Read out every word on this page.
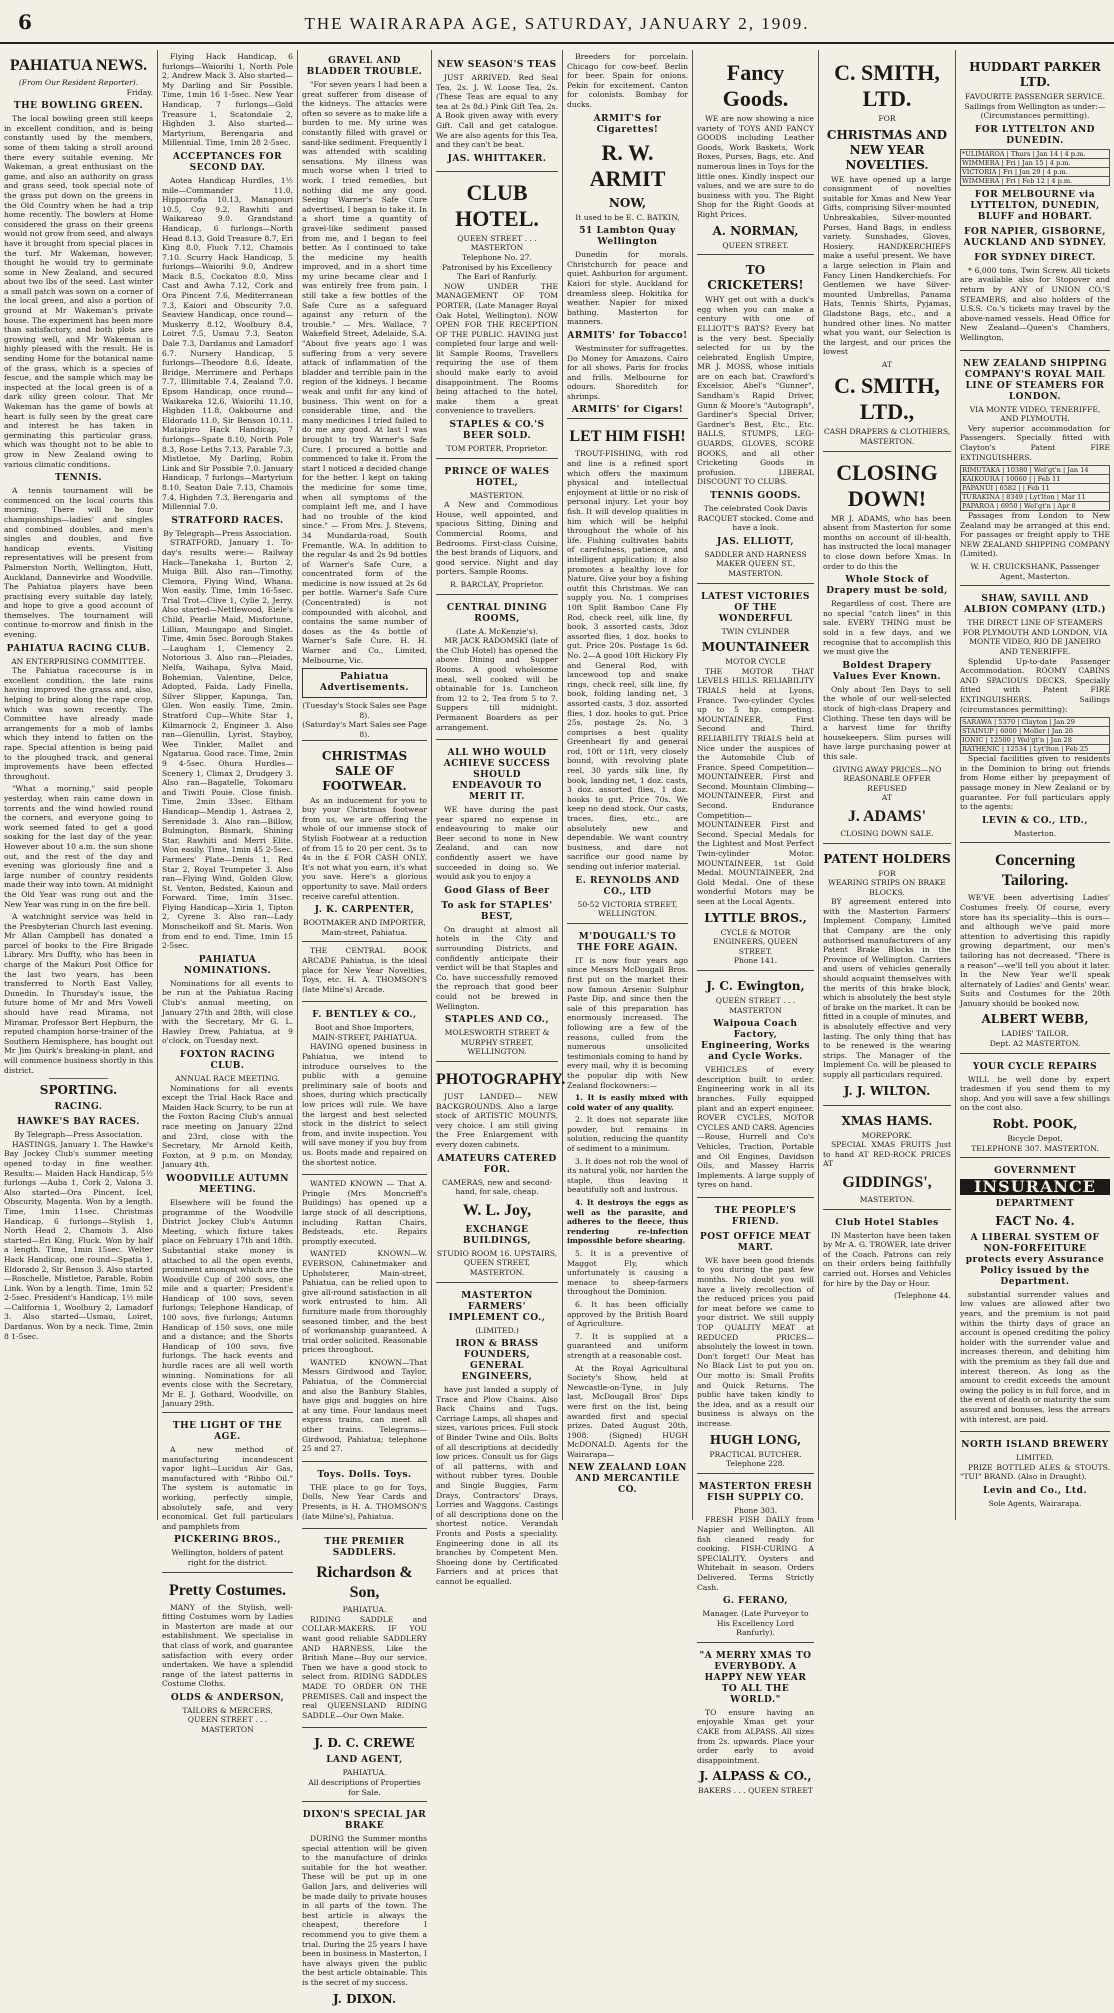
6	THE WAIRARAPA AGE, SATURDAY, JANUARY 2, 1909.
PAHIATUA NEWS.
(From Our Resident Reporter).
Friday.
THE BOWLING GREEN.

The local bowling green still keeps in excellent condition, and is being constantly used by the members, some of them taking a stroll around there every suitable evening. Mr Wakeman, a great enthusiast on the game, and also an authority on grass and grass seed, took special note of the grass put down on the greens in the Old Country when he had a trip home recently. The bowlers at Home considered the grass on their greens would not grow from seed, and always have it brought from special places in the turf. Mr Wakeman, however, thought he would try to germinate some in New Zealand, and secured about two lbs of the seed. Last winter a small patch was sown on a corner of the local green, and also a portion of ground at Mr Wakeman's private house. The experiment has been more than satisfactory, and both plots are growing well, and Mr Wakeman is highly pleased with the result. He is sending Home for the botanical name of the grass, which is a species of fescue, and the sample which may be inspected at the local green is of a dark silky green colour. That Mr Wakeman has the game of bowls at heart is fully seen by the great care and interest he has taken in germinating this particular grass, which was thought not to be able to grow in New Zealand owing to various climatic conditions.

TENNIS.

A tennis tournament will be commenced on the local courts this morning. There will be four championships—ladies' and singles and combined doubles, and men's singles and doubles, and five handicap events. Visiting representatives will be present from Palmerston North, Wellington, Hutt, Auckland, Dannevirke and Woodville. The Pahiatua players have been practising every suitable day lately, and hope to give a good account of themselves. The tournament will continue to-morrow and finish in the evening.

PAHIATUA RACING CLUB.
AN ENTERPRISING COMMITTEE.

The Pahiatua racecourse is in excellent condition, the late rains having improved the grass and, also, helping to bring along the rape crop, which was sown recently. The Committee have already made arrangements for a mob of lambs which they intend to fatten on the rape. Special attention is being paid to the ploughed track, and general improvements have been effected throughout.

"What a morning," said people yesterday, when rain came down in torrents and the wind howled round the corners, and everyone going to work seemed fated to get a good soaking for the last day of the year. However about 10 a.m. the sun shone out, and the rest of the day and evening was gloriously fine and a large number of country residents made their way into town. At midnight the Old Year was rung out and the New Year was rung in on the fire bell.

A watchnight service was held in the Presbyterian Church last evening. Mr Allan Campbell has donated a parcel of books to the Fire Brigade Library. Mrs Duffty, who has been in charge of the Makuri Post Office for the last two years, has been transferred to North East Valley, Dunedin. In Thursday's issue, the future home of Mr and Mrs Vowell should have read Mirama, not Miramar. Professor Bert Hepburn, the reputed champion horse-trainer of the Southern Hemisphere, has bought out Mr Jim Quirk's breaking-in plant, and will commence business shortly in this district.

SPORTING.
RACING.
HAWKE'S BAY RACES.
By Telegraph—Press Association.

HASTINGS, January 1. The Hawke's Bay Jockey Club's summer meeting opened to-day in fine weather. Results:— Maiden Hack Handicap, 5½ furlongs —Auba 1, Cork 2, Valona 3. Also started—Ora Pincent, Icel, Obscurity, Magenta. Won by a length. Time, 1min 11sec. Christmas Handicap, 6 furlongs—Stylish 1, North Head 2, Chamois 3. Also started—Eri King, Fluck. Won by half a length. Time, 1min 15sec. Welter Hack Handicap, one round—Spatia 1, Eldorado 2, Sir Benson 3. Also started—Roschelle, Mistletoe, Parable, Robin Link. Won by a length. Time, 1min 52 2-5sec. President's Handicap, 1½ mile—California 1, Woolbury 2, Lamadorf 3. Also started—Usmau, Loiret, Dardanus. Won by a neck. Time, 2min 8 1-5sec.

Flying Hack Handicap, 6 furlongs—Waiorihi 1, North Pole 2, Andrew Mack 3. Also started—My Darling and Sir Possible. Time, 1min 16 1-5sec. New Year Handicap, 7 furlongs—Gold Treasure 1, Scatondale 2, Highden 3. Also started—Martyrium, Berengaria and Millennial. Time, 1min 28 2-5sec.

ACCEPTANCES FOR SECOND DAY.

Aotea Handicap Hurdles, 1½ mile—Commander 11.0, Hippocrofia 10.13, Manapouri 10.5, Coy 9.2, Rawhiti and Waikareao 9.0. Grandstand Handicap, 6 furlongs—North Head 8.13, Gold Treasure 8.7, Eri King 8.0, Fluck 7.12, Chamois 7.10. Scurry Hack Handicap, 5 furlongs—Waiorihi 9.0, Andrew Mack 8.5, Cockatoo 8.0, Miss Cast and Awha 7.12, Cork and Ora Pincent 7.6, Mediterranean 7.3, Kaiori and Obscurity 7.0. Seaview Handicap, once round—Muskerry 8.12, Woolbury 8.4, Loiret 7.5, Usmau 7.3, Seaton Dale 7.3, Dardanus and Lamadorf 6.7. Nursery Handicap, 5 furlongs—Theodore 8.6, Ideate, Bridge, Merrimere and Perhaps 7.7, Illimitable 7.4, Zealand 7.0. Epsom Handicap, once round—Waikareka 12.6, Waiorihi 11.10, Highden 11.8, Oakbourne and Eldorado 11.0, Sir Benson 10.11. Mataipiro Hack Handicap, 7 furlongs—Spate 8.10, North Pole 8.3, Rose Leths 7.13, Parable 7.3, Mistletoe, My Darling, Robin Link and Sir Possible 7.0. January Handicap, 7 furlongs—Martyrium 8.10, Seaton Dale 7.13, Chamois 7.4, Highden 7.3, Berengaria and Millennial 7.0.

STRATFORD RACES.
By Telegraph—Press Association.

STRATFORD, January 1. To-day's results were:— Railway Hack—Tanekaha 1, Burton 2, Muiga Bill. Also ran—Timothy, Clemora, Flying Wind, Whana. Won easily. Time, 1min 16-5sec. Trial Trot—Clive 1, Cylie 2, Jerry. Also started—Nettlewood, Eiele's Child, Pearlie Maid, Misfortune, Lillian, Maungapo and Singlet. Time, 4min 5sec. Borough Stakes—Laugham 1, Clemency 2, Notorious 3. Also ran—Pleiades, Nelfa, Waihapa, Sylva Maid, Bohemian, Valentine, Delce, Adopted, Faida, Lady Finella, Silver Slipper, Kapunga, Tan, Glen. Won easily. Time, 2min. Stratford Cup—White Star 1, Kilmarnock 2, Engineer 3. Also ran—Glenullin, Lyrist, Stayboy, Wee Tinkler, Mallet and Ngatarua. Good race. Time, 2min 9 4-5sec. Ohura Hurdles—Scenery 1, Climax 2, Drudgery 3. Also ran—Bagatelle, Tokomaru and Tiwiti Pouie. Close finish. Time, 2min 33sec. Eltham Handicap—Mendip 1, Astraea 2, Serenidade 3. Also ran—Billow, Bulmington, Bismark, Shining Star, Rawhiti and Merri Elite. Won easily. Time, 1min 45 2-5sec. Farmers' Plate—Denis 1, Red Star 2, Royal Trumpeter 3. Also ran—Flying Wind, Golden Glow, St. Venton, Bedsted, Kaioun and Forward. Time, 1min 31sec. Flying Handicap—Xiria 1, Tipton 2, Cyrene 3. Also ran—Lady Monscheikoff and St. Maris. Won from end to end. Time, 1min 15 2-5sec.

PAHIATUA NOMINATIONS.

Nominations for all events to be run at the Pahiatua Racing Club's annual meeting, on January 27th and 28th, will close with the Secretary, Mr G. L. Hawley Drew, Pahiatua, at 9 o'clock, on Tuesday next.

FOXTON RACING CLUB.
ANNUAL RACE MEETING.

Nominations for all events except the Trial Hack Race and Maiden Hack Scurry, to be run at the Foxton Racing Club's annual race meeting on January 22nd and 23rd, close with the Secretary, Mr Arnold Keith, Foxton, at 9 p.m. on Monday, January 4th.

WOODVILLE AUTUMN MEETING.

Elsewhere will be found the programme of the Woodville District Jockey Club's Autumn Meeting, which fixture takes place on February 17th and 18th. Substantial stake money is attached to all the open events, prominent amongst which are the Woodville Cup of 200 sovs, one mile and a quarter; President's Handicap of 100 sovs, seven furlongs; Telephone Handicap, of 100 sovs, five furlongs; Autumn Handicap of 150 sovs, one mile and a distance; and the Shorts Handicap of 100 sovs, five furlongs. The hack events and hurdle races are all well worth winning. Nominations for all events close with the Secretary, Mr E. J. Gothard, Woodville, on January 29th.

THE LIGHT OF THE AGE.

A new method of manufacturing incandescent vapor light—Lucidus Air Gas, manufactured with "Ribbo Oil." The system is automatic in working, perfectly simple, absolutely safe, and very economical. Get full particulars and pamphlets from

PICKERING BROS.,
Wellington, holders of patent right for the district.
Pretty Costumes.

MANY of the Stylish, well-fitting Costumes worn by Ladies in Masterton are made at our establishment. We specialise in that class of work, and guarantee satisfaction with every order undertaken. We have a splendid range of the latest patterns in Costume Cloths.

OLDS & ANDERSON,
TAILORS & MERCERS,
QUEEN STREET . . . MASTERTON
GRAVEL AND BLADDER TROUBLE.

"For seven years I had been a great sufferer from disease of the kidneys. The attacks were often so severe as to make life a burden to me. My urine was constantly filled with gravel or sand-like sediment. Frequently I was attended with scalding sensations. My illness was much worse when I tried to work. I tried remedies, but nothing did me any good. Seeing Warner's Safe Cure advertised, I began to take it. In a short time a quantity of gravel-like sediment passed from me, and I began to feel better. As I continued to take the medicine my health improved, and in a short time my urine became clear and I was entirely free from pain. I still take a few bottles of the Safe Cure as a safeguard against any return of the trouble." — Mrs. Wallace, 7 Wakefield Street, Adelaide, S.A. "About five years ago I was suffering from a very severe attack of inflammation of the bladder and terrible pain in the region of the kidneys. I became weak and unfit for any kind of business. This went on for a considerable time, and the many medicines I tried failed to do me any good. At last I was brought to try Warner's Safe Cure. I procured a bottle and commenced to take it. From the start I noticed a decided change for the better. I kept on taking the medicine for some time, when all symptoms of the complaint left me, and I have had no trouble of the kind since." — From Mrs. J. Stevens, 34 Mundarda-road, South Fremantle, W.A. In addition to the regular 4s and 2s 9d bottles of Warner's Safe Cure, a concentrated form of the medicine is now issued at 2s 6d per bottle. Warner's Safe Cure (Concentrated) is not compounded with alcohol, and contains the same number of doses as the 4s bottle of Warner's Safe Cure. H. H. Warner and Co., Limited, Melbourne, Vic.

Pahiatua Advertisements.
(Tuesday's Stock Sales see Page 8).
(Saturday's Mart Sales see Page 8).
CHRISTMAS SALE OF FOOTWEAR.

As an inducement for you to buy your Christmas footwear from us, we are offering the whole of our immense stock of Stylish Footwear at a reduction of from 15 to 20 per cent. 3s to 4s in the £ FOR CASH ONLY. It's not what you earn, it's what you save. Here's a glorious opportunity to save. Mail orders receive careful attention.

J. K. CARPENTER,
BOOTMAKER AND IMPORTER,
Main-street, Pahiatua.

THE CENTRAL BOOK ARCADE Pahiatua, is the ideal place for New Year Novelties, Toys, etc. H. A. THOMSON'S (late Milne's) Arcade.

F. BENTLEY & CO.,
Boot and Shoe Importers,
MAIN-STREET, PAHIATUA.

HAVING opened business in Pahiatua, we intend to introduce ourselves to the public with a genuine preliminary sale of boots and shoes, during which practically low prices will rule. We have the largest and best selected stock in the district to select from, and invite inspection. You will save money if you buy from us. Boots made and repaired on the shortest notice.

WANTED KNOWN — That A. Pringle (Mrs Moncrieff's Buildings) has opened up a large stock of all descriptions, including Rattan Chairs, Bedsteads, etc. Repairs promptly executed.

WANTED KNOWN—W. EVERSON, Cabinetmaker and Upholsterer, Main-street, Pahiatua, can be relied upon to give all-round satisfaction in all work entrusted to him. All furniture made from thoroughly seasoned timber, and the best of workmanship guaranteed. A trial order solicited. Reasonable prices throughout.

WANTED KNOWN—That Messrs Girdwood and Taylor, Pahiatua, of the Commercial and also the Banbury Stables, have gigs and buggies on hire at any time. Four landaus meet express trains, can meet all other trains. Telegrams—Girdwood, Pahiatua; telephone 25 and 27.

Toys. Dolls. Toys.

THE place to go for Toys, Dolls, New Year Cards and Presents, is H. A. THOMSON'S (late Milne's), Pahiatua.

THE PREMIER SADDLERS.
Richardson & Son,
PAHIATUA.

RIDING SADDLE and COLLAR-MAKERS. IF YOU want good reliable SADDLERY AND HARNESS, Like the British Mane—Buy our service. Then we have a good stock to select from. RIDING SADDLES MADE TO ORDER ON THE PREMISES. Call and inspect the real QUEENSLAND RIDING SADDLE—Our Own Make.

J. D. C. CREWE
LAND AGENT,
PAHIATUA.
All descriptions of Properties for Sale.
DIXON'S SPECIAL JAR BRAKE

DURING the Summer months special attention will be given to the manufacture of drinks suitable for the hot weather. These will be put up in one Gallon Jars, and deliveries will be made daily to private houses in all parts of the town. The best article is always the cheapest, therefore I recommend you to give them a trial. During the 25 years I have been in business in Masterton, I have always given the public the best article obtainable. This is the secret of my success.

J. DIXON.
NEW SEASON'S TEAS

JUST ARRIVED. Red Seal Tea, 2s. J. W. Loose Tea, 2s. (These Teas are equal to any tea at 2s 8d.) Pink Gift Tea, 2s. A Book given away with every Gift. Call and get catalogue. We are also agents for this Tea, and they can't be beat.

JAS. WHITTAKER.
CLUB HOTEL.
QUEEN STREET . . . MASTERTON
Telephone No. 27.
Patronised by his Excellency The Earl of Ranfurly.

NOW UNDER THE MANAGEMENT OF TOM PORTER, (Late Manager Royal Oak Hotel, Wellington). NOW OPEN FOR THE RECEPTION OF THE PUBLIC. HAVING just completed four large and well-lit Sample Rooms, Travellers requiring the use of them should make early to avoid disappointment. The Rooms being attached to the hotel, make them a great convenience to travellers.

STAPLES & CO.'S BEER SOLD.
TOM PORTER, Proprietor.
PRINCE OF WALES HOTEL,
MASTERTON.

A New and Commodious House, well appointed, and spacious Sitting, Dining and Commercial Rooms, and Bedrooms. First-class Cuisine, the best brands of Liquors, and good service. Night and day porters. Sample Rooms.

R. BARCLAY, Proprietor.
CENTRAL DINING ROOMS,
(Late A. McKenzie's).

MR JACK RADOMSKI (late of the Club Hotel) has opened the above Dining and Supper Rooms. A good wholesome meal, well cooked will be obtainable for 1s. Luncheon from 12 to 2, Tea from 5 to 7. Suppers till midnight. Permanent Boarders as per arrangement.

ALL WHO WOULD ACHIEVE SUCCESS SHOULD ENDEAVOUR TO MERIT IT.

WE have during the past year spared no expense in endeavouring to make our Beer second to none in New Zealand, and can now confidently assert we have succeeded in doing so. We would ask you to enjoy a

Good Glass of Beer
To ask for STAPLES' BEST,

On draught at almost all hotels in the City and surrounding Districts, and confidently anticipate their verdict will be that Staples and Co. have successfully removed the reproach that good beer could not be brewed in Wellington.

STAPLES AND CO.,
MOLESWORTH STREET & MURPHY STREET, WELLINGTON.
PHOTOGRAPHY.

JUST LANDED— NEW BACKGROUNDS. Also a large stock of ARTISTIC MOUNTS, very choice. I am still giving the Free Enlargement with every dozen cabinets.

AMATEURS CATERED FOR.
CAMERAS, new and second-hand, for sale, cheap.
W. L. Joy,
EXCHANGE BUILDINGS,
STUDIO ROOM 16. UPSTAIRS, QUEEN STREET, MASTERTON.
MASTERTON FARMERS' IMPLEMENT CO.,
(LIMITED.)
IRON & BRASS FOUNDERS, GENERAL ENGINEERS,

have just landed a supply of Trace and Plow Chains. Also Back Chains and Tugs. Carriage Lamps, all shapes and sizes, various prices. Full stock of Binder Twine and Oils. Bolts of all descriptions at decidedly low prices. Consult us for Gigs of all patterns, with and without rubber tyres. Double and Single Buggies, Farm Drays, Contractors' Drays, Lorries and Waggons. Castings of all descriptions done on the shortest notice. Verandah Fronts and Posts a speciality. Engineering done in all its branches by Competent Men. Shoeing done by Certificated Farriers and at prices that cannot be equalled.

Breeders for porcelain. Chicago for cow-beef. Berlin for beer. Spain for onions. Pekin for excitement. Canton for colonists. Bombay for ducks.

ARMIT'S for Cigarettes!
R. W. ARMIT
NOW,
It used to be E. C. BATKIN,
51 Lambton Quay Wellington

Dunedin for morals. Christchurch for peace and quiet. Ashburton for argument. Kaiori for style. Auckland for dreamless sleep. Hokitika for weather. Napier for mixed bathing. Masterton for manners.

ARMITS' for Tobacco!

Westminster for suffragettes. Do Money for Amazons. Cairo for all shows. Paris for frocks and frills. Melbourne for odours. Shoreditch for shrimps.

ARMITS' for Cigars!
LET HIM FISH!

TROUT-FISHING, with rod and line is a refined sport which offers the maximum physical and intellectual enjoyment at little or no risk of personal injury. Let your boy fish. It will develop qualities in him which will be helpful throughout the whole of his life. Fishing cultivates habits of carefulness, patience, and intelligent application; it also promotes a healthy love for Nature. Give your boy a fishing outfit this Christmas. We can supply you. No. 1 comprises 10ft Split Bamboo Cane Fly Rod, check reel, silk line, fly book, 3 assorted casts, 3doz assorted flies, 1 doz. hooks to gut. Price 20s. Postage 1s 6d. No. 2—A good 10ft Hickory Fly and General Rod, with lancewood top and snake rings, check reel, silk line, fly book, folding landing net, 3 assorted casts, 3 doz. assorted flies, 1 doz. hooks to gut. Price 25s, postage 2s. No. 3 comprises a best quality Greenheart fly and general rod, 10ft or 11ft, very closely bound, with revolving plate reel, 30 yards silk line, fly book, landing net, 1 doz. casts, 3 doz. assorted flies, 1 doz. hooks to gut. Price 70s. We keep no dead stock. Our casts, traces, flies, etc., are absolutely new and dependable. We want country business, and dare not sacrifice our good name by sending out inferior material.

E. REYNOLDS AND CO., LTD
50-52 VICTORIA STREET, WELLINGTON.
M'DOUGALL'S TO THE FORE AGAIN.

IT is now four years ago since Messrs McDougall Bros. first put on the market their now famous Arsenic Sulphur Paste Dip, and since then the sale of this preparation has enormously increased. The following are a few of the reasons, culled from the numerous unsolicited testimonials coming to hand by every mail, why it is becoming the popular dip with New Zealand flockowners:—

1. It is easily mixed with cold water of any quality.

2. It does not separate like powder, but remains in solution, reducing the quantity of sediment to a minimum.

3. It does not rob the wool of its natural yolk, nor harden the staple, thus leaving it beautifully soft and lustrous.

4. It destroys the eggs as well as the parasite, and adheres to the fleece, thus rendering re-infection impossible before shearing.

5. It is a preventive of Maggot Fly, which unfortunately is causing a menace to sheep-farmers throughout the Dominion.

6. It has been officially approved by the British Board of Agriculture.

7. It is supplied at a guaranteed and uniform strength at a reasonable cost.

At the Royal Agricultural Society's Show, held at Newcastle-on-Tyne, in July last, McDougall Bros' Dips were first on the list, being awarded first and special prizes. Dated August 20th, 1908. (Signed) HUGH McDONALD. Agents for the Wairarapa—

NEW ZEALAND LOAN AND MERCANTILE CO.
Fancy Goods.

WE are now showing a nice variety of TOYS AND FANCY GOODS including Leather Goods, Work Baskets, Work Boxes, Purses, Bags, etc. And numerous lines in Toys for the little ones. Kindly inspect our values, and we are sure to do business with you. The Right Shop for the Right Goods at Right Prices.

A. NORMAN,
QUEEN STREET.
TO CRICKETERS!

WHY get out with a duck's egg when you can make a century with one of ELLIOTT'S BATS? Every bat is the very best. Specially selected for us by the celebrated English Umpire, MR J. MOSS, whose initials are on each bat. Crawford's Excelsior, Abel's "Gunner", Sandham's Rapid Driver, Gunn & Moore's "Autograph", Gardiner's Special Driver, Gardner's Best, Etc., Etc. BALLS, STUMPS, LEG-GUARDS, GLOVES, SCORE BOOKS, and all other Cricketing Goods in profusion. LIBERAL DISCOUNT TO CLUBS.

TENNIS GOODS.
The celebrated Cook Davis RACQUET stocked. Come and have a look.
JAS. ELLIOTT,
SADDLER AND HARNESS MAKER QUEEN ST., MASTERTON.
LATEST VICTORIES OF THE WONDERFUL
TWIN CYLINDER
MOUNTAINEER
MOTOR CYCLE

THE MOTOR THAT LEVELS HILLS. RELIABILITY TRIALS held at Lyons, France. Two-cylinder Cycles up to 5 hp. competing. MOUNTAINEER, First Second and Third. RELIABILITY TRIALS held at Nice under the auspices of the Automobile Club of France. Speed Competition—MOUNTAINEER, First and Second. Mountain Climbing—MOUNTAINEER, First and Second. Endurance Competition—MOUNTAINEER First and Second. Special Medals for the Lightest and Most Perfect Twin-cylinder Motor. MOUNTAINEER, 1st Gold Medal. MOUNTAINEER, 2nd Gold Medal. One of these wonderful Motors may be seen at the Local Agents.

LYTTLE BROS.,
CYCLE & MOTOR ENGINEERS, QUEEN STREET.
Phone 141.
J. C. Ewington,
QUEEN STREET . . . MASTERTON
Waipoua Coach Factory, Engineering, Works and Cycle Works.

VEHICLES of every description built to order. Engineering work in all its branches. Fully equipped plant and an expert engineer. ROVER CYCLES, MOTOR CYCLES AND CARS. Agencies—Rouse, Hurrell and Co's Vehicles, Traction, Portable and Oil Engines, Davidson Oils, and Massey Harris Implements. A large supply of tyres on hand.

THE PEOPLE'S FRIEND.
POST OFFICE MEAT MART.

WE have been good friends to you during the past few months. No doubt you will have a lively recollection of the reduced prices you paid for meat before we came to your district. We still supply TOP QUALITY MEAT at REDUCED PRICES—absolutely the lowest in town. Don't forget! Our Meat has No Black List to put you on. Our motto is: Small Profits and Quick Returns. The public have taken kindly to the idea, and as a result our business is always on the increase.

HUGH LONG,
PRACTICAL BUTCHER.
Telephone 228.
MASTERTON FRESH FISH SUPPLY CO.
Phone 303.

FRESH FISH DAILY from Napier and Wellington. All fish cleaned ready for cooking. FISH-CURING A SPECIALITY. Oysters and Whitebait in season. Orders Delivered. Terms Strictly Cash.

G. FERANO,
Manager. (Late Purveyor to His Excellency Lord Ranfurly).
"A MERRY XMAS TO EVERYBODY. A HAPPY NEW YEAR TO ALL THE WORLD."

TO ensure having an enjoyable Xmas get your CAKE from ALPASS. All sizes from 2s. upwards. Place your order early to avoid disappointment.

J. ALPASS & CO.,
BAKERS . . . QUEEN STREET
C. SMITH, LTD.
FOR
CHRISTMAS AND NEW YEAR NOVELTIES.

WE have opened up a large consignment of novelties suitable for Xmas and New Year Gifts, comprising Silver-mounted Unbreakables, Silver-mounted Purses, Hand Bags, in endless variety. Sunshades, Gloves, Hosiery. HANDKERCHIEFS make a useful present. We have a large selection in Plain and Fancy Linen Handkerchiefs. For Gentlemen we have Silver-mounted Umbrellas, Panama Hats, Tennis Shirts, Pyjamas, Gladstone Bags, etc., and a hundred other lines. No matter what you want, our Selection is the largest, and our prices the lowest

AT
C. SMITH, LTD.,
CASH DRAPERS & CLOTHIERS,
MASTERTON.
CLOSING DOWN!

MR J. ADAMS, who has been absent from Masterton for some months on account of ill-health, has instructed the local manager to close down before Xmas. In order to do this the

Whole Stock of Drapery must be sold,

Regardless of cost. There are no special "catch lines" in this sale. EVERY THING must be sold in a few days, and we recognise that to accomplish this we must give the

Boldest Drapery Values Ever Known.

Only about Ten Days to sell the whole of our well-selected stock of high-class Drapery and Clothing. These ten days will be a harvest time for thrifty housekeepers. Slim purses will have large purchasing power at this sale.

GIVING AWAY PRICES—NO REASONABLE OFFER REFUSED
AT
J. ADAMS'
CLOSING DOWN SALE.
PATENT HOLDERS
FOR
WEARING STRIPS ON BRAKE BLOCKS.

BY agreement entered into with the Masterton Farmers' Implement Company, Limited that Company are the only authorised manufacturers of any Patent Brake Blocks in the Province of Wellington. Carriers and users of vehicles generally should acquaint themselves with the merits of this brake block, which is absolutely the best style of brake on the market. It can be fitted in a couple of minutes, and is absolutely effective and very lasting. The only thing that has to be renewed is the wearing strips. The Manager of the Implement Co. will be pleased to supply all particulars required.

J. J. WILTON.
XMAS HAMS.
MOREPORK.

SPECIAL XMAS FRUITS Just to hand AT RED-ROCK PRICES AT

GIDDINGS',
MASTERTON.
Club Hotel Stables

IN Masterton have been taken by Mr A. G. TROWER, late driver of the Coach. Patrons can rely on their orders being faithfully carried out. Horses and Vehicles for hire by the Day or Hour.

(Telephone 44.
HUDDART PARKER LTD.
FAVOURITE PASSENGER SERVICE.
Sailings from Wellington as under:—(Circumstances permitting).
FOR LYTTELTON AND DUNEDIN.
*ULIMAROA | Thurs | Jan 14 | 4 p.m.
WIMMERA | Fri | Jan 15 | 4 p.m.
VICTORIA | Fri | Jan 29 | 4 p.m.
WIMMERA | Fri | Feb 12 | 4 p.m.
FOR MELBOURNE via LYTTELTON, DUNEDIN, BLUFF and HOBART.
FOR NAPIER, GISBORNE, AUCKLAND AND SYDNEY.
FOR SYDNEY DIRECT.

* 6,000 tons, Twin Screw. All tickets are available also for Stopover and return by ANY of UNION CO.'S STEAMERS, and also holders of the U.S.S. Co.'s tickets may travel by the above-named vessels. Head Office for New Zealand—Queen's Chambers, Wellington.

NEW ZEALAND SHIPPING COMPANY'S ROYAL MAIL LINE OF STEAMERS FOR LONDON.
VIA MONTE VIDEO, TENERIFFE, AND PLYMOUTH.

Very superior accommodation for Passengers. Specially fitted with Clayton's Patent FIRE EXTINGUISHERS.

RIMUTAKA | 10380 | Wel'gt'n | Jan 14
KAIKOURA | 10060 | | Feb 11
PAPANUI | 6582 | | Feb 11
TURAKINA | 8349 | Lyt'lton | Mar 11
PAPAROA | 6950 | Wel'gt'n | Apr 8

Passages from London to New Zealand may be arranged at this end. For passages or freight apply to THE NEW ZEALAND SHIPPING COMPANY (Limited).

W. H. CRUICKSHANK, Passenger Agent, Masterton.
SHAW, SAVILL AND ALBION COMPANY (LTD.)
THE DIRECT LINE OF STEAMERS FOR PLYMOUTH AND LONDON, VIA MONTE VIDEO, RIO DE JANEIRO AND TENERIFFE.

Splendid Up-to-date Passenger Accommodation. ROOMY CABINS AND SPACIOUS DECKS. Specially fitted with Patent FIRE EXTINGUISHERS. Sailings (circumstances permitting):

SARAWA | 5370 | Clayton | Jan 29
STAINUP | 6000 | Moller | Jan 26
IONIC | 12500 | Wel'gt'n | Jan 28
RATHENIC | 12534 | Lyt'lton | Feb 25

Special facilities given to residents in the Dominion to bring out friends from Home either by prepayment of passage money in New Zealand or by guarantee. For full particulars apply to the agents:

LEVIN & CO., LTD.,
Masterton.
Concerning Tailoring.

WE'VE been advertising Ladies' Costumes freely. Of course, every store has its speciality—this is ours—and although we've paid more attention to advertising this rapidly growing department, our men's tailoring has not decreased. "There is a reason"—we'll tell you about it later. In the New Year we'll speak alternately of Ladies' and Gents' wear. Suits and Costumes for the 20th January should be booked now.

ALBERT WEBB,
LADIES' TAILOR.
Dept. A2 MASTERTON.
YOUR CYCLE REPAIRS

WILL be well done by expert tradesmen if you send them to my shop. And you will save a few shillings on the cost also.

Robt. POOK,
Bicycle Depot.
TELEPHONE 307. MASTERTON.
GOVERNMENT
INSURANCE
DEPARTMENT
FACT No. 4.
A LIBERAL SYSTEM OF NON-FORFEITURE protects every Assurance Policy issued by the Department.

substantial surrender values and low values are allowed after two years, and the premium is not paid within the thirty days of grace an account is opened crediting the policy holder with the surrender value and increases thereon, and debiting him with the premium as they fall due and interest thereon. As long as the amount to credit exceeds the amount owing the policy is in full force, and in the event of death or maturity the sum assured and bonuses, less the arrears with interest, are paid.

NORTH ISLAND BREWERY
LIMITED.

PRIZE BOTTLED ALES & STOUTS. "TUI" BRAND. (Also in Draught).

Levin and Co., Ltd.
Sole Agents, Wairarapa.
